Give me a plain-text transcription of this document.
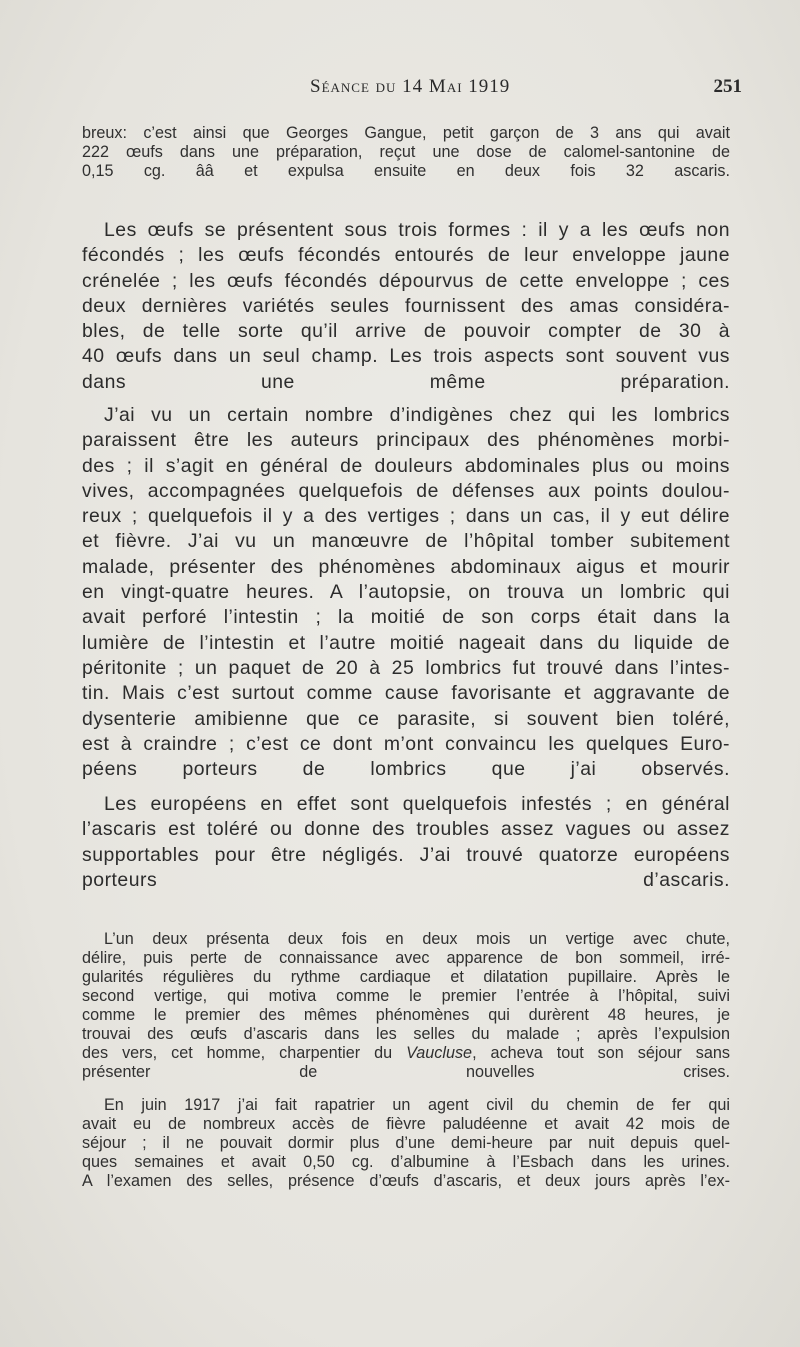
Séance du 14 Mai 1919	251
breux: c’est ainsi que Georges Gangue, petit garçon de 3 ans qui avait
222 œufs dans une préparation, reçut une dose de calomel-santonine de
0,15 cg. ââ et expulsa ensuite en deux fois 32 ascaris.
Les œufs se présentent sous trois formes : il y a les œufs non
fécondés ; les œufs fécondés entourés de leur enveloppe jaune
crénelée ; les œufs fécondés dépourvus de cette enveloppe ; ces
deux dernières variétés seules fournissent des amas considéra-
bles, de telle sorte qu’il arrive de pouvoir compter de 30 à
40 œufs dans un seul champ. Les trois aspects sont souvent vus
dans une même préparation.
J’ai vu un certain nombre d’indigènes chez qui les lombrics
paraissent être les auteurs principaux des phénomènes morbi-
des ; il s’agit en général de douleurs abdominales plus ou moins
vives, accompagnées quelquefois de défenses aux points doulou-
reux ; quelquefois il y a des vertiges ; dans un cas, il y eut délire
et fièvre. J’ai vu un manœuvre de l’hôpital tomber subitement
malade, présenter des phénomènes abdominaux aigus et mourir
en vingt-quatre heures. A l’autopsie, on trouva un lombric qui
avait perforé l’intestin ; la moitié de son corps était dans la
lumière de l’intestin et l’autre moitié nageait dans du liquide de
péritonite ; un paquet de 20 à 25 lombrics fut trouvé dans l’intes-
tin. Mais c’est surtout comme cause favorisante et aggravante de
dysenterie amibienne que ce parasite, si souvent bien toléré,
est à craindre ; c’est ce dont m’ont convaincu les quelques Euro-
péens porteurs de lombrics que j’ai observés.
Les européens en effet sont quelquefois infestés ; en général
l’ascaris est toléré ou donne des troubles assez vagues ou assez
supportables pour être négligés. J’ai trouvé quatorze européens
porteurs d’ascaris.
L’un deux présenta deux fois en deux mois un vertige avec chute,
délire, puis perte de connaissance avec apparence de bon sommeil, irré-
gularités régulières du rythme cardiaque et dilatation pupillaire. Après le
second vertige, qui motiva comme le premier l’entrée à l’hôpital, suivi
comme le premier des mêmes phénomènes qui durèrent 48 heures, je
trouvai des œufs d’ascaris dans les selles du malade ; après l’expulsion
des vers, cet homme, charpentier du Vaucluse, acheva tout son séjour sans
présenter de nouvelles crises.
En juin 1917 j’ai fait rapatrier un agent civil du chemin de fer qui
avait eu de nombreux accès de fièvre paludéenne et avait 42 mois de
séjour ; il ne pouvait dormir plus d’une demi-heure par nuit depuis quel-
ques semaines et avait 0,50 cg. d’albumine à l’Esbach dans les urines.
A l’examen des selles, présence d’œufs d’ascaris, et deux jours après l’ex-
